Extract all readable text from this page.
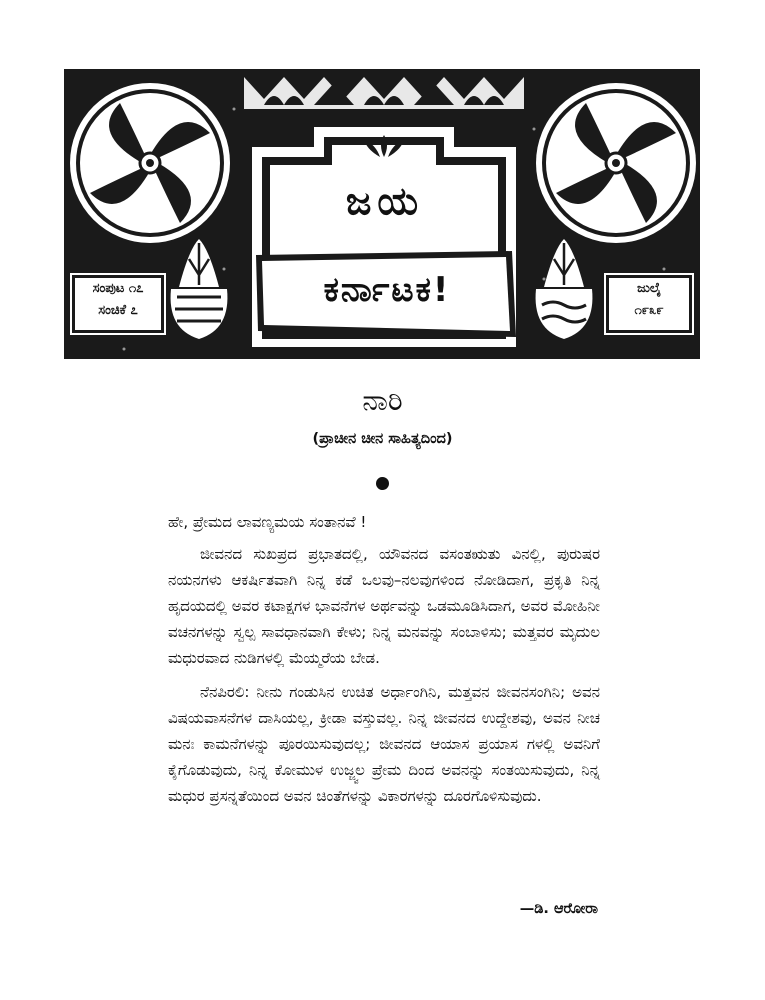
ಜಯ
ಕರ್ನಾಟಕ!
ಸಂಪುಟ ೧೭
ಸಂಚಿಕೆ ೭
ಜುಲೈ
೧೯೩೯
ನಾರಿ
(ಪ್ರಾಚೀನ ಚೀನ ಸಾಹಿತ್ಯದಿಂದ)

ಹೇ, ಪ್ರೇಮದ ಲಾವಣ್ಯಮಯ ಸಂತಾನವೆ !

ಜೀವನದ ಸುಖಪ್ರದ ಪ್ರಭಾತದಲ್ಲಿ, ಯೌವನದ ವಸಂತಋತು ವಿನಲ್ಲಿ, ಪುರುಷರ ನಯನಗಳು ಆಕರ್ಷಿತವಾಗಿ ನಿನ್ನ ಕಡೆ ಒಲವು–ನಲವುಗಳಿಂದ ನೋಡಿದಾಗ, ಪ್ರಕೃತಿ ನಿನ್ನ ಹೃದಯದಲ್ಲಿ ಅವರ ಕಟಾಕ್ಷಗಳ ಭಾವನೆಗಳ ಅರ್ಥವನ್ನು ಒಡಮೂಡಿಸಿದಾಗ, ಅವರ ಮೋಹಿನೀ ವಚನಗಳನ್ನು ಸ್ವಲ್ಪ ಸಾವಧಾನವಾಗಿ ಕೇಳು; ನಿನ್ನ ಮನವನ್ನು ಸಂಬಾಳಿಸು; ಮತ್ತವರ ಮೃದುಲ ಮಧುರವಾದ ನುಡಿಗಳಲ್ಲಿ ಮೆಯ್ಮರೆಯ ಬೇಡ.

ನೆನಪಿರಲಿ: ನೀನು ಗಂಡುಸಿನ ಉಚಿತ ಅರ್ಧಾಂಗಿನಿ, ಮತ್ತವನ ಜೀವನಸಂಗಿನಿ; ಅವನ ವಿಷಯವಾಸನೆಗಳ ದಾಸಿಯಲ್ಲ, ಕ್ರೀಡಾ ವಸ್ತುವಲ್ಲ. ನಿನ್ನ ಜೀವನದ ಉದ್ದೇಶವು, ಅವನ ನೀಚ ಮನಃ ಕಾಮನೆಗಳನ್ನು ಪೂರಯಿಸುವುದಲ್ಲ; ಜೀವನದ ಆಯಾಸ ಪ್ರಯಾಸ ಗಳಲ್ಲಿ ಅವನಿಗೆ ಕೈಗೊಡುವುದು, ನಿನ್ನ ಕೋಮುಳ ಉಜ್ಜ್ವಲ ಪ್ರೇಮ ದಿಂದ ಅವನನ್ನು ಸಂತಯಿಸುವುದು, ನಿನ್ನ ಮಧುರ ಪ್ರಸನ್ನತೆಯಿಂದ ಅವನ ಚಿಂತೆಗಳನ್ನು ವಿಕಾರಗಳನ್ನು ದೂರಗೊಳಿಸುವುದು.

—ಡಿ. ಆರೋರಾ
